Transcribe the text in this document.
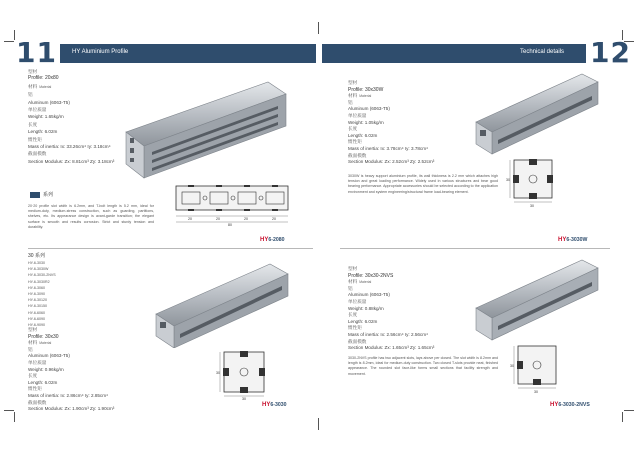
11	HY Aluminium Profile	Technical details 12
型材
Profile: 20x80
材料 Material
铝
Aluminum (6063-T5)
单位质量
Weight: 1.65kg/m
长度
Length: 6.02m
惯性矩
Mass of inertia: Ix: 33.26cm⁴ Iy: 3.18cm⁴
截面模数
Section Modulus: Zx: 8.81cm³ Zy: 3.18cm³
20	20	20	20
80
系列
20·20 profile slot width is 6.2mm, and T-bolt length is 5.2 mm, ideal for medium-duty, medium-stress construction, such as guarding, partitions, shelves, etc. Its appearance design is avant-garde transition; the elegant surface is smooth and results corrosion. Strict and sturdy tension and durability.
HY6-2080
30 系列
HY-6-3030
HY-6-3030W
HY-6-3030-2NVS
HY-6-3030R2
HY-6-3060
HY-6-3090
HY-6-30120
HY-6-30150
HY-6-6060
HY-6-6090
HY-6-9090
型材
Profile: 30x30
材料 Material
铝
Aluminum (6063-T5)
单位质量
Weight: 0.96kg/m
长度
Length: 6.02m
惯性矩
Mass of inertia: Ix: 2.86cm⁴ Iy: 2.85cm⁴
截面模数
Section Modulus: Zx: 1.90cm³ Zy: 1.90cm³
30
30
HY6-3030
型材
Profile: 30x30W
材料 Material
铝
Aluminum (6063-T5)
单位质量
Weight: 1.05kg/m
长度
Length: 6.02m
惯性矩
Mass of inertia: Ix: 3.78cm⁴ Iy: 3.78cm⁴
截面模数
Section Modulus: Zx: 2.52cm³ Zy: 2.52cm³
30
30
3030W is heavy support aluminium profile, its wall thickness is 2.2 mm which attaches high tension and great loading performance. Widely used in various structures and bear good bearing performance. Appropriate accessories should be selected according to the application environment and system engineering/structural frame load-bearing element.
HY6-3030W
型材
Profile: 30x30-2NVS
材料 Material
铝
Aluminum (6063-T5)
单位质量
Weight: 0.88kg/m
长度
Length: 6.02m
惯性矩
Mass of inertia: Ix: 2.56cm⁴ Iy: 2.56cm⁴
截面模数
Section Modulus: Zx: 1.65cm³ Zy: 1.65cm³
30
30
3030-2NVS profile has two adjacent slots, lays above per closed. The slot width is 8.2mm and length is 8.2mm, ideal for medium-duty construction. Two closed T-slots provide neat, finished appearance. The rounded slot face-like forms small sections that facility strength and movement.
HY6-3030-2NVS
